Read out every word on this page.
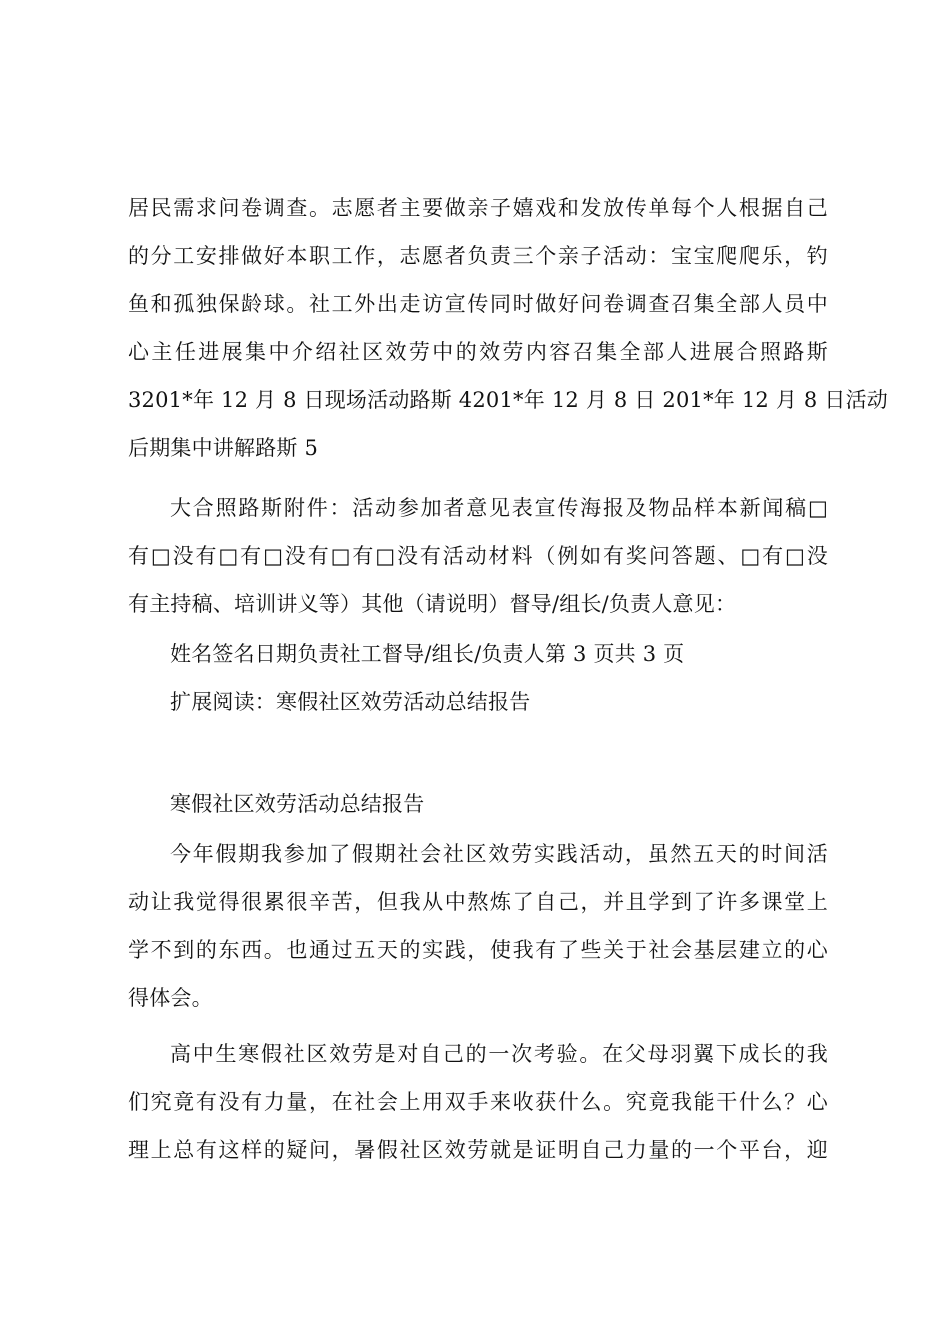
居民需求问卷调查。志愿者主要做亲子嬉戏和发放传单每个人根据自己
的分工安排做好本职工作，志愿者负责三个亲子活动：宝宝爬爬乐，钓
鱼和孤独保龄球。社工外出走访宣传同时做好问卷调查召集全部人员中
心主任进展集中介绍社区效劳中的效劳内容召集全部人进展合照路斯
3201*年 12 月 8 日现场活动路斯 4201*年 12 月 8 日 201*年 12 月 8 日活动
后期集中讲解路斯 5
大合照路斯附件：活动参加者意见表宣传海报及物品样本新闻稿□
有□没有□有□没有□有□没有活动材料（例如有奖问答题、□有□没
有主持稿、培训讲义等）其他（请说明）督导/组长/负责人意见：
姓名签名日期负责社工督导/组长/负责人第 3 页共 3 页
扩展阅读：寒假社区效劳活动总结报告
寒假社区效劳活动总结报告
今年假期我参加了假期社会社区效劳实践活动，虽然五天的时间活
动让我觉得很累很辛苦，但我从中熬炼了自己，并且学到了许多课堂上
学不到的东西。也通过五天的实践，使我有了些关于社会基层建立的心
得体会。
高中生寒假社区效劳是对自己的一次考验。在父母羽翼下成长的我
们究竟有没有力量，在社会上用双手来收获什么。究竟我能干什么？心
理上总有这样的疑问，暑假社区效劳就是证明自己力量的一个平台，迎
